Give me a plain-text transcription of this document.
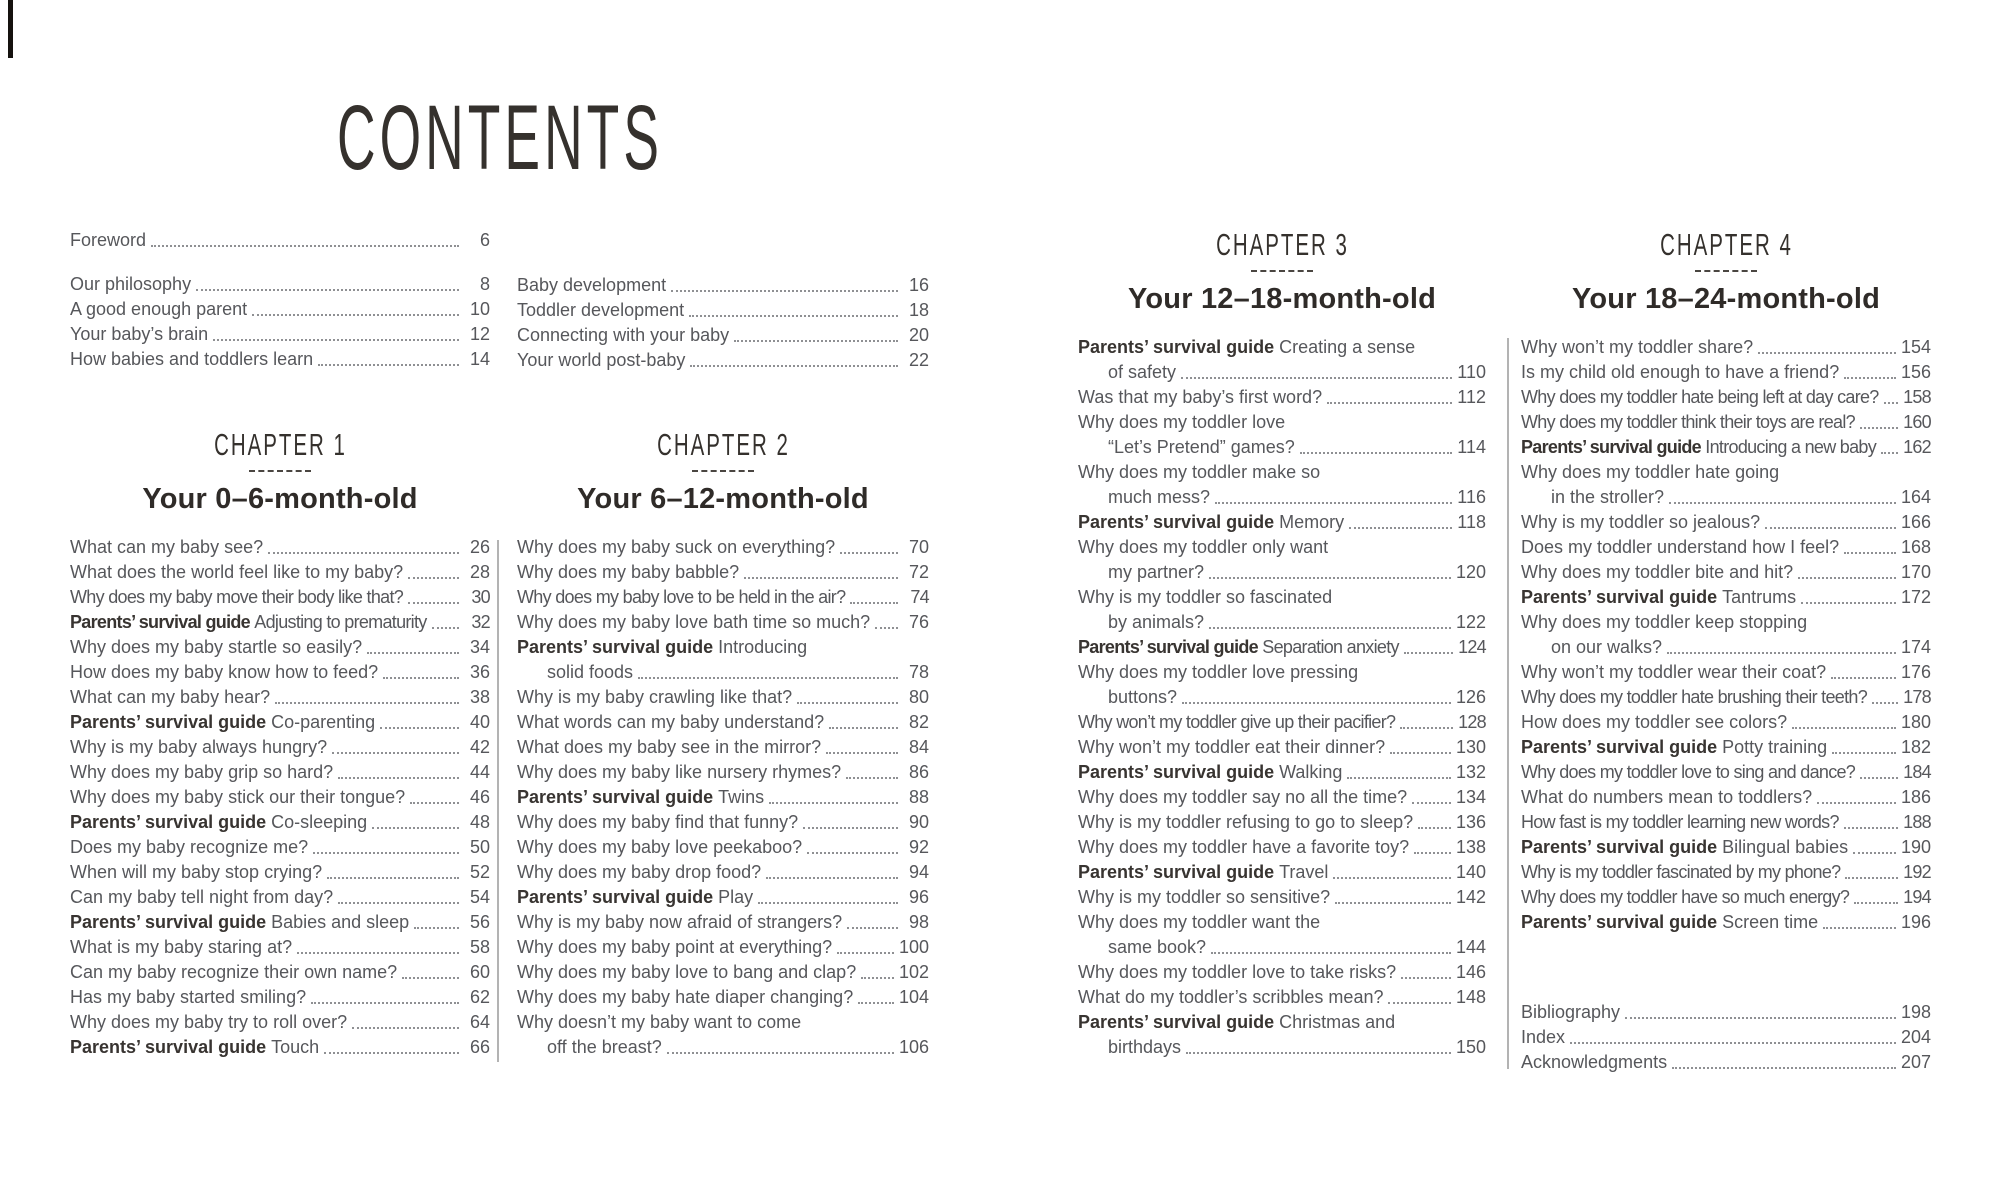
CONTENTS
Foreword	6
Our philosophy	8
A good enough parent	10
Your baby’s brain	12
How babies and toddlers learn	14
Baby development	16
Toddler development	18
Connecting with your baby	20
Your world post-baby	22
CHAPTER 1
Your 0–6-month-old
What can my baby see?	26
What does the world feel like to my baby?	28
Why does my baby move their body like that?	30
Parents’ survival guide Adjusting to prematurity	32
Why does my baby startle so easily?	34
How does my baby know how to feed?	36
What can my baby hear?	38
Parents’ survival guide Co-parenting	40
Why is my baby always hungry?	42
Why does my baby grip so hard?	44
Why does my baby stick our their tongue?	46
Parents’ survival guide Co-sleeping	48
Does my baby recognize me?	50
When will my baby stop crying?	52
Can my baby tell night from day?	54
Parents’ survival guide Babies and sleep	56
What is my baby staring at?	58
Can my baby recognize their own name?	60
Has my baby started smiling?	62
Why does my baby try to roll over?	64
Parents’ survival guide Touch	66
CHAPTER 2
Your 6–12-month-old
Why does my baby suck on everything?	70
Why does my baby babble?	72
Why does my baby love to be held in the air?	74
Why does my baby love bath time so much?	76
Parents’ survival guide Introducing
solid foods	78
Why is my baby crawling like that?	80
What words can my baby understand?	82
What does my baby see in the mirror?	84
Why does my baby like nursery rhymes?	86
Parents’ survival guide Twins	88
Why does my baby find that funny?	90
Why does my baby love peekaboo?	92
Why does my baby drop food?	94
Parents’ survival guide Play	96
Why is my baby now afraid of strangers?	98
Why does my baby point at everything?	100
Why does my baby love to bang and clap? 102
Why does my baby hate diaper changing?	104
Why doesn’t my baby want to come
off the breast?	106
CHAPTER 3
Your 12–18-month-old
Parents’ survival guide Creating a sense
of safety	110
Was that my baby’s first word?	112
Why does my toddler love
“Let’s Pretend” games?	114
Why does my toddler make so
much mess?	116
Parents’ survival guide Memory	118
Why does my toddler only want
my partner?	120
Why is my toddler so fascinated
by animals?	122
Parents’ survival guide Separation anxiety	124
Why does my toddler love pressing
buttons?	126
Why won’t my toddler give up their pacifier?	128
Why won’t my toddler eat their dinner?	130
Parents’ survival guide Walking	132
Why does my toddler say no all the time?	134
Why is my toddler refusing to go to sleep? 136
Why does my toddler have a favorite toy?	138
Parents’ survival guide Travel	140
Why is my toddler so sensitive?	142
Why does my toddler want the
same book?	144
Why does my toddler love to take risks?	146
What do my toddler’s scribbles mean?	148
Parents’ survival guide Christmas and
birthdays	150
CHAPTER 4
Your 18–24-month-old
Why won’t my toddler share?	154
Is my child old enough to have a friend?	156
Why does my toddler hate being left at day care? 158
Why does my toddler think their toys are real?	160
Parents’ survival guide Introducing a new baby 162
Why does my toddler hate going
in the stroller?	164
Why is my toddler so jealous?	166
Does my toddler understand how I feel?	168
Why does my toddler bite and hit?	170
Parents’ survival guide Tantrums	172
Why does my toddler keep stopping
on our walks?	174
Why won’t my toddler wear their coat?	176
Why does my toddler hate brushing their teeth? 178
How does my toddler see colors?	180
Parents’ survival guide Potty training	182
Why does my toddler love to sing and dance?	184
What do numbers mean to toddlers?	186
How fast is my toddler learning new words?	188
Parents’ survival guide Bilingual babies	190
Why is my toddler fascinated by my phone?	192
Why does my toddler have so much energy?	194
Parents’ survival guide Screen time	196
Bibliography	198
Index	204
Acknowledgments	207
